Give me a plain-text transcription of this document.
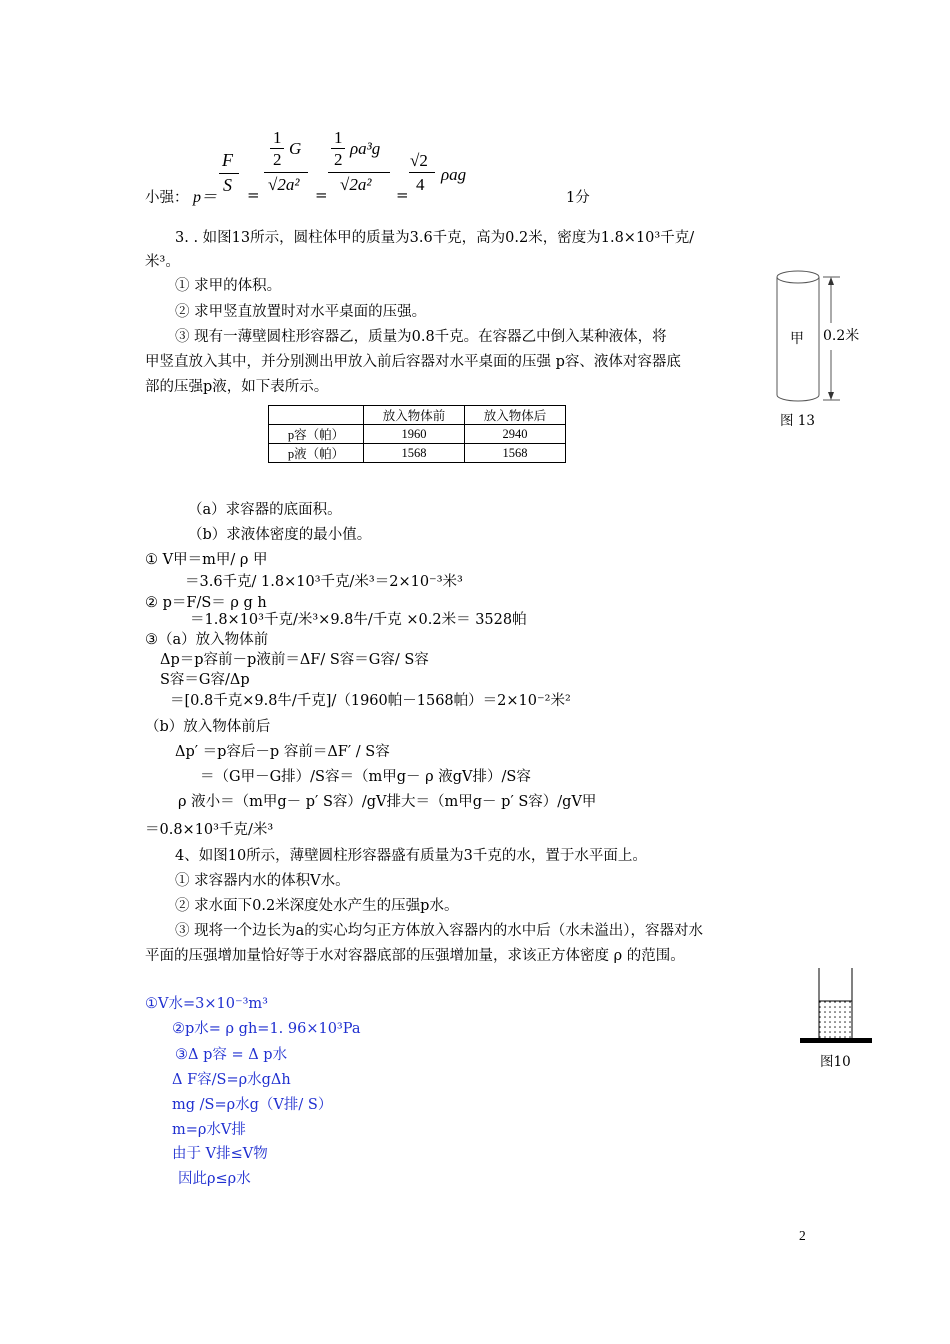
小强： p＝
F
S =
1
2
G
√2a²
=
1
2
ρa³g
√2a²
=
√2
4
ρag
1分
3. . 如图13所示，圆柱体甲的质量为3.6千克，高为0.2米，密度为1.8×10³千克/
米³。
① 求甲的体积。
② 求甲竖直放置时对水平桌面的压强。
③ 现有一薄壁圆柱形容器乙，质量为0.8千克。在容器乙中倒入某种液体，将
甲竖直放入其中，并分别测出甲放入前后容器对水平桌面的压强 p容、液体对容器底
部的压强p液，如下表所示。
甲 0.2米
图 13
	放入物体前	放入物体后
p容（帕）	1960	2940
p液（帕）	1568	1568
（a）求容器的底面积。
（b）求液体密度的最小值。
① V甲＝m甲/ ρ 甲
＝3.6千克/ 1.8×10³千克/米³＝2×10⁻³米³
② p＝F/S＝ ρ g h
＝1.8×10³千克/米³×9.8牛/千克 ×0.2米＝ 3528帕
③（a）放入物体前
Δp＝p容前－p液前＝ΔF/ S容＝G容/ S容
S容＝G容/Δp
＝[0.8千克×9.8牛/千克]/（1960帕－1568帕）＝2×10⁻²米²
（b）放入物体前后
Δp′ ＝p容后－p 容前＝ΔF′ / S容
＝（G甲－G排）/S容＝（m甲g－ ρ 液gV排）/S容
ρ 液小＝（m甲g－ p′ S容）/gV排大＝（m甲g－ p′ S容）/gV甲
＝0.8×10³千克/米³
4、如图10所示，薄壁圆柱形容器盛有质量为3千克的水，置于水平面上。
① 求容器内水的体积V水。
② 求水面下0.2米深度处水产生的压强p水。
③ 现将一个边长为a的实心均匀正方体放入容器内的水中后（水未溢出），容器对水
平面的压强增加量恰好等于水对容器底部的压强增加量，求该正方体密度 ρ 的范围。
图10
①V水=3×10⁻³m³
②p水= ρ gh=1. 96×10³Pa
③Δ p容 = Δ p水
Δ F容/S=ρ水gΔh
mg /S=ρ水g（V排/ S）
m=ρ水V排
由于 V排≤V物
因此ρ≤ρ水
2
